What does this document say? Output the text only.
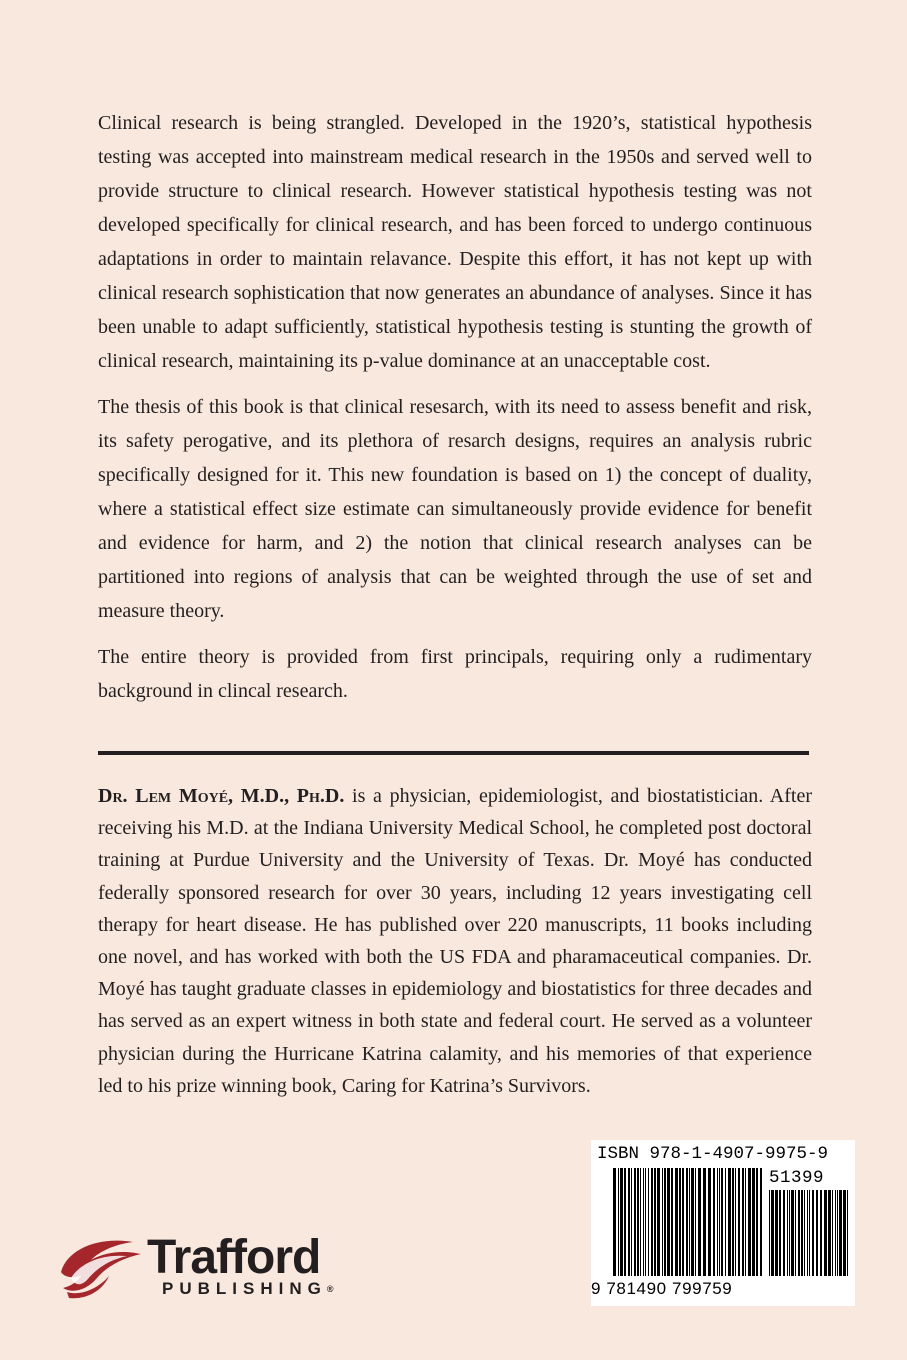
Clinical research is being strangled. Developed in the 1920’s, statistical hypothesis testing was accepted into mainstream medical research in the 1950s and served well to provide structure to clinical research. However statistical hypothesis testing was not developed specifically for clinical research, and has been forced to undergo continuous adaptations in order to maintain relavance. Despite this effort, it has not kept up with clinical research sophistication that now generates an abundance of analyses. Since it has been unable to adapt sufficiently, statistical hypothesis testing is stunting the growth of clinical research, maintaining its p-value dominance at an unacceptable cost.

The thesis of this book is that clinical resesarch, with its need to assess benefit and risk, its safety perogative, and its plethora of resarch designs, requires an analysis rubric specifically designed for it. This new foundation is based on 1) the concept of duality, where a statistical effect size estimate can simultaneously provide evidence for benefit and evidence for harm, and 2) the notion that clinical research analyses can be partitioned into regions of analysis that can be weighted through the use of set and measure theory.

The entire theory is provided from first principals, requiring only a rudimentary background in clincal research.

Dr. Lem Moyé, M.D., Ph.D. is a physician, epidemiologist, and biostatistician. After receiving his M.D. at the Indiana University Medical School, he completed post doctoral training at Purdue University and the University of Texas. Dr. Moyé has conducted federally sponsored research for over 30 years, including 12 years investigating cell therapy for heart disease. He has published over 220 manuscripts, 11 books including one novel, and has worked with both the US FDA and pharamaceutical companies. Dr. Moyé has taught graduate classes in epidemiology and biostatistics for three decades and has served as an expert witness in both state and federal court. He served as a volunteer physician during the Hurricane Katrina calamity, and his memories of that experience led to his prize winning book, Caring for Katrina’s Survivors.

Trafford
PUBLISHING®
ISBN 978-1-4907-9975-9
51399
9 781490 799759
